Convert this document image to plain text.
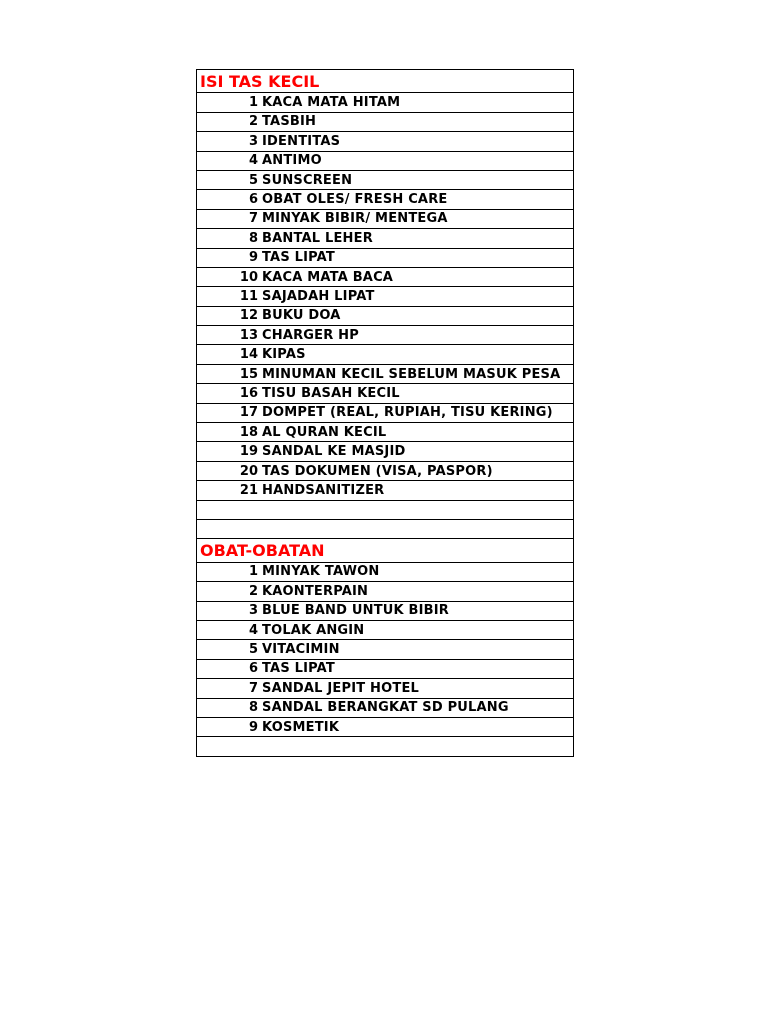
ISI TAS KECIL
1 KACA MATA HITAM
2 TASBIH
3 IDENTITAS
4 ANTIMO
5 SUNSCREEN
6 OBAT OLES/ FRESH CARE
7 MINYAK BIBIR/ MENTEGA
8 BANTAL LEHER
9 TAS LIPAT
10 KACA MATA BACA
11 SAJADAH LIPAT
12 BUKU DOA
13 CHARGER HP
14 KIPAS
15 MINUMAN KECIL SEBELUM MASUK PESA
16 TISU BASAH KECIL
17 DOMPET (REAL, RUPIAH, TISU KERING)
18 AL QURAN KECIL
19 SANDAL KE MASJID
20 TAS DOKUMEN (VISA, PASPOR)
21 HANDSANITIZER
OBAT-OBATAN
1 MINYAK TAWON
2 KAONTERPAIN
3 BLUE BAND UNTUK BIBIR
4 TOLAK ANGIN
5 VITACIMIN
6 TAS LIPAT
7 SANDAL JEPIT HOTEL
8 SANDAL BERANGKAT SD PULANG
9 KOSMETIK
